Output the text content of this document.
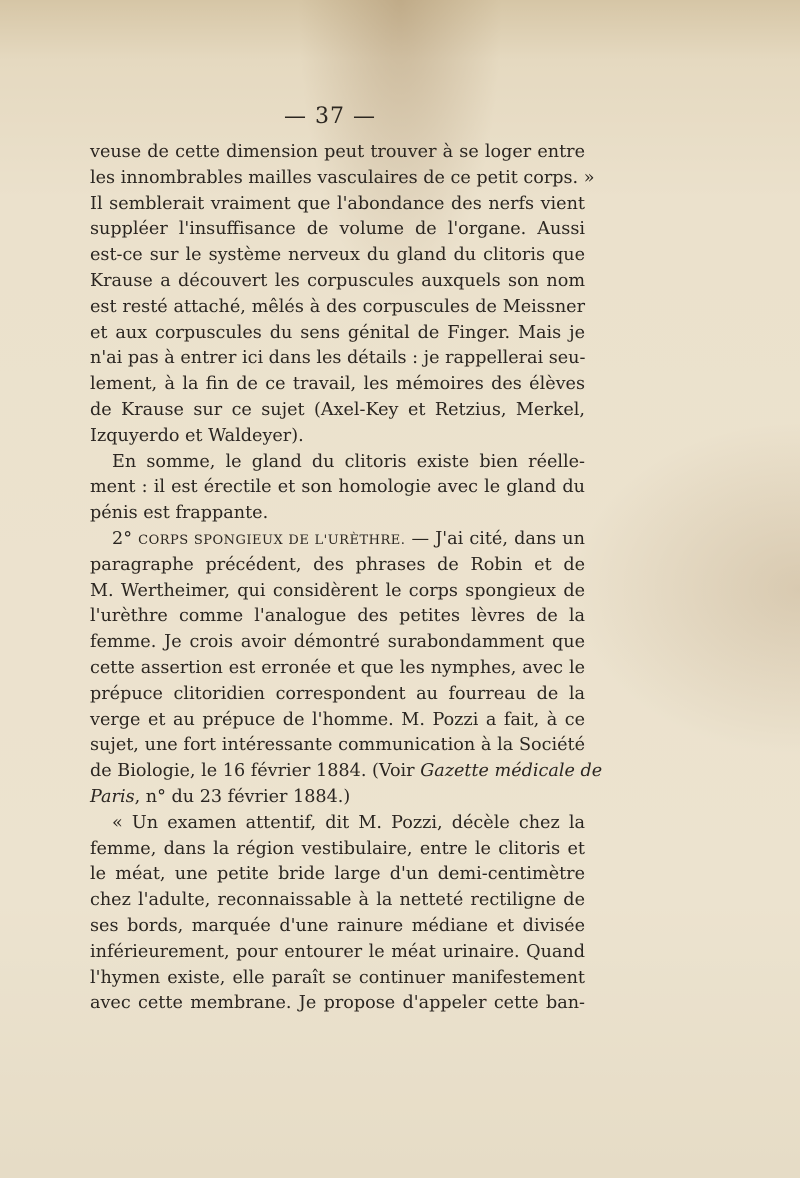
— 37 —
veuse de cette dimension peut trouver à se loger entre
les innombrables mailles vasculaires de ce petit corps. »
Il semblerait vraiment que l'abondance des nerfs vient
suppléer l'insuffisance de volume de l'organe. Aussi
est-ce sur le système nerveux du gland du clitoris que
Krause a découvert les corpuscules auxquels son nom
est resté attaché, mêlés à des corpuscules de Meissner
et aux corpuscules du sens génital de Finger. Mais je
n'ai pas à entrer ici dans les détails : je rappellerai seu-
lement, à la fin de ce travail, les mémoires des élèves
de Krause sur ce sujet (Axel-Key et Retzius, Merkel,
Izquyerdo et Waldeyer).
En somme, le gland du clitoris existe bien réelle-
ment : il est érectile et son homologie avec le gland du
pénis est frappante.
2° CORPS SPONGIEUX DE L'URÈTHRE. — J'ai cité, dans un
paragraphe précédent, des phrases de Robin et de
M. Wertheimer, qui considèrent le corps spongieux de
l'urèthre comme l'analogue des petites lèvres de la
femme. Je crois avoir démontré surabondamment que
cette assertion est erronée et que les nymphes, avec le
prépuce clitoridien correspondent au fourreau de la
verge et au prépuce de l'homme. M. Pozzi a fait, à ce
sujet, une fort intéressante communication à la Société
de Biologie, le 16 février 1884. (Voir Gazette médicale de
Paris, n° du 23 février 1884.)
« Un examen attentif, dit M. Pozzi, décèle chez la
femme, dans la région vestibulaire, entre le clitoris et
le méat, une petite bride large d'un demi-centimètre
chez l'adulte, reconnaissable à la netteté rectiligne de
ses bords, marquée d'une rainure médiane et divisée
inférieurement, pour entourer le méat urinaire. Quand
l'hymen existe, elle paraît se continuer manifestement
avec cette membrane. Je propose d'appeler cette ban-
